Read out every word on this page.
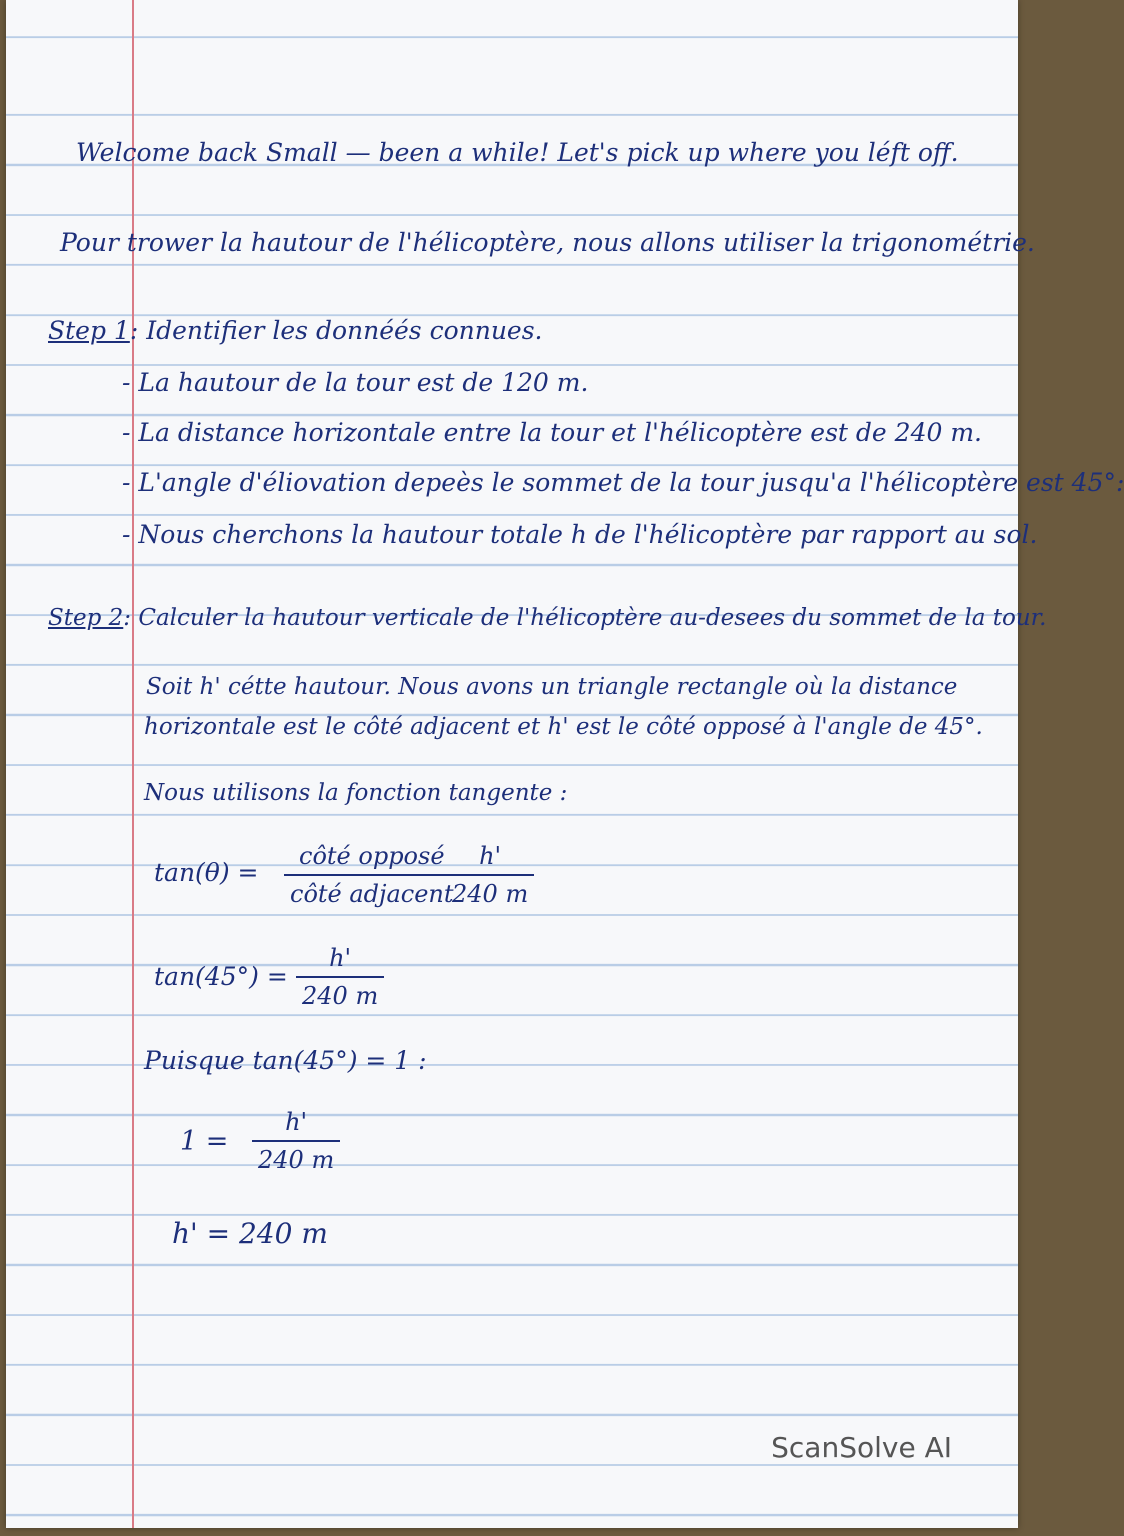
Welcome back Small — been a while! Let's pick up where you léft off.
Pour trower la hautour de l'hélicoptère, nous allons utiliser la trigonométrie.
Step 1: Identifier les donnéés connues.
- La hautour de la tour est de 120 m.
- La distance horizontale entre la tour et l'hélicoptère est de 240 m.
- L'angle d'éliovation depeès le sommet de la tour jusqu'a l'hélicoptère est 45°:
- Nous cherchons la hautour totale h de l'hélicoptère par rapport au sol.
Step 2: Calculer la hautour verticale de l'hélicoptère au-desees du sommet de la tour.
Soit h' cétte hautour. Nous avons un triangle rectangle où la distance
horizontale est le côté adjacent et h' est le côté opposé à l'angle de 45°.
Nous utilisons la fonction tangente :
tan(θ) =
côté opposé
côté adjacent
h'
240 m
tan(45°) =
h'
240 m
Puisque tan(45°) = 1 :
1 =
h'
240 m
h' = 240 m
ScanSolve AI
